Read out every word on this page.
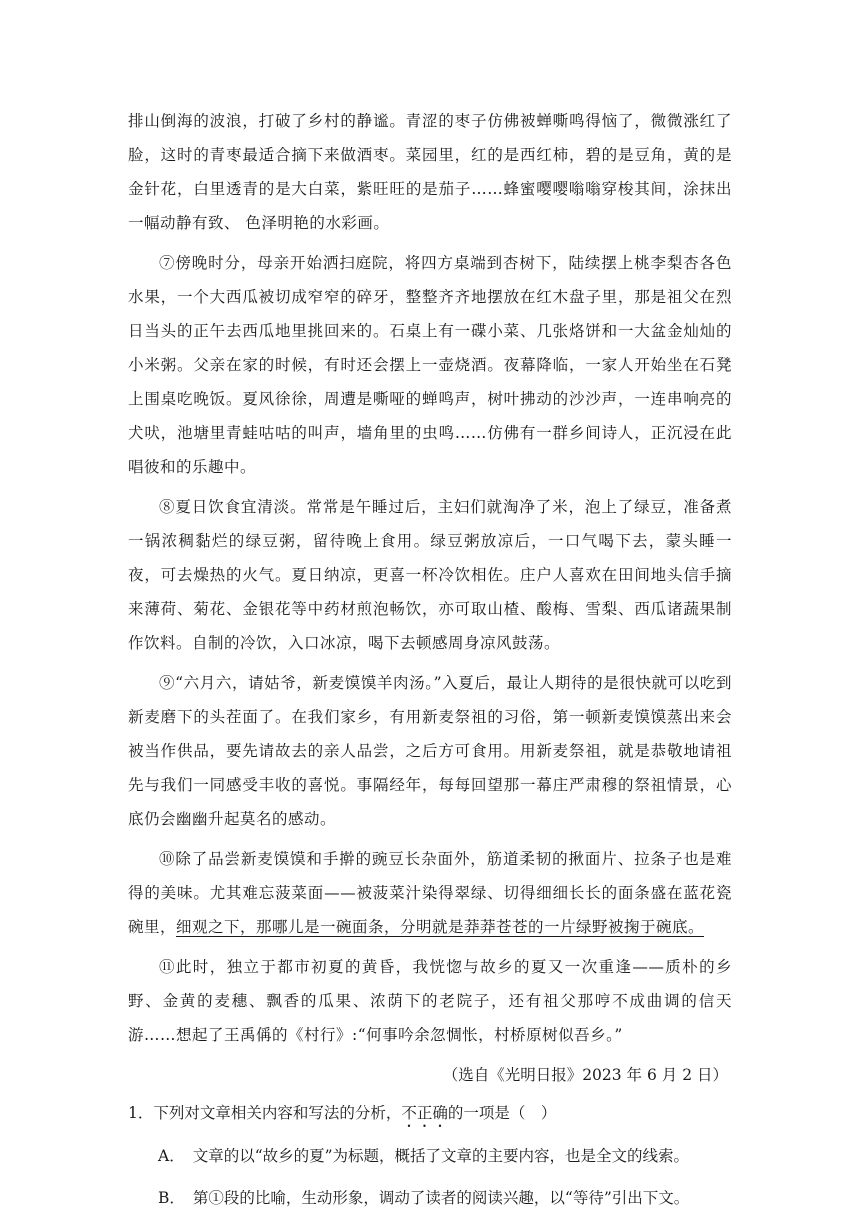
排山倒海的波浪，打破了乡村的静谧。青涩的枣子仿佛被蝉嘶鸣得恼了，微微涨红了脸，这时的青枣最适合摘下来做酒枣。菜园里，红的是西红柿，碧的是豆角，黄的是金针花，白里透青的是大白菜，紫旺旺的是茄子……蜂蜜嘤嘤嗡嗡穿梭其间，涂抹出一幅动静有致、 色泽明艳的水彩画。

⑦傍晚时分，母亲开始洒扫庭院，将四方桌端到杏树下，陆续摆上桃李梨杏各色水果，一个大西瓜被切成窄窄的碎牙，整整齐齐地摆放在红木盘子里，那是祖父在烈日当头的正午去西瓜地里挑回来的。石桌上有一碟小菜、几张烙饼和一大盆金灿灿的小米粥。父亲在家的时候，有时还会摆上一壶烧酒。夜幕降临，一家人开始坐在石凳上围桌吃晚饭。夏风徐徐，周遭是嘶哑的蝉鸣声，树叶拂动的沙沙声，一连串响亮的犬吠，池塘里青蛙咕咕的叫声，墙角里的虫鸣……仿佛有一群乡间诗人，正沉浸在此唱彼和的乐趣中。

⑧夏日饮食宜清淡。常常是午睡过后，主妇们就淘净了米，泡上了绿豆，准备煮一锅浓稠黏烂的绿豆粥，留待晚上食用。绿豆粥放凉后，一口气喝下去，蒙头睡一夜，可去燥热的火气。夏日纳凉，更喜一杯冷饮相佐。庄户人喜欢在田间地头信手摘来薄荷、菊花、金银花等中药材煎泡畅饮，亦可取山楂、酸梅、雪梨、西瓜诸蔬果制作饮料。自制的冷饮，入口冰凉，喝下去顿感周身凉风鼓荡。

⑨“六月六，请姑爷，新麦馍馍羊肉汤。”入夏后，最让人期待的是很快就可以吃到新麦磨下的头茬面了。在我们家乡，有用新麦祭祖的习俗，第一顿新麦馍馍蒸出来会被当作供品，要先请故去的亲人品尝，之后方可食用。用新麦祭祖，就是恭敬地请祖先与我们一同感受丰收的喜悦。事隔经年，每每回望那一幕庄严肃穆的祭祖情景，心底仍会幽幽升起莫名的感动。

⑩除了品尝新麦馍馍和手擀的豌豆长杂面外，筋道柔韧的揪面片、拉条子也是难得的美味。尤其难忘菠菜面——被菠菜汁染得翠绿、切得细细长长的面条盛在蓝花瓷碗里，细观之下，那哪儿是一碗面条，分明就是莽莽苍苍的一片绿野被掬于碗底。

⑪此时，独立于都市初夏的黄昏，我恍惚与故乡的夏又一次重逢——质朴的乡野、金黄的麦穗、飘香的瓜果、浓荫下的老院子，还有祖父那哼不成曲调的信天游……想起了王禹偁的《村行》:“何事吟余忽惆怅，村桥原树似吾乡。”

（选自《光明日报》2023 年 6 月 2 日）

1．下列对文章相关内容和写法的分析，不正确的一项是（　）

A． 文章的以“故乡的夏”为标题，概括了文章的主要内容，也是全文的线索。

B． 第①段的比喻，生动形象，调动了读者的阅读兴趣，以“等待”引出下文。
